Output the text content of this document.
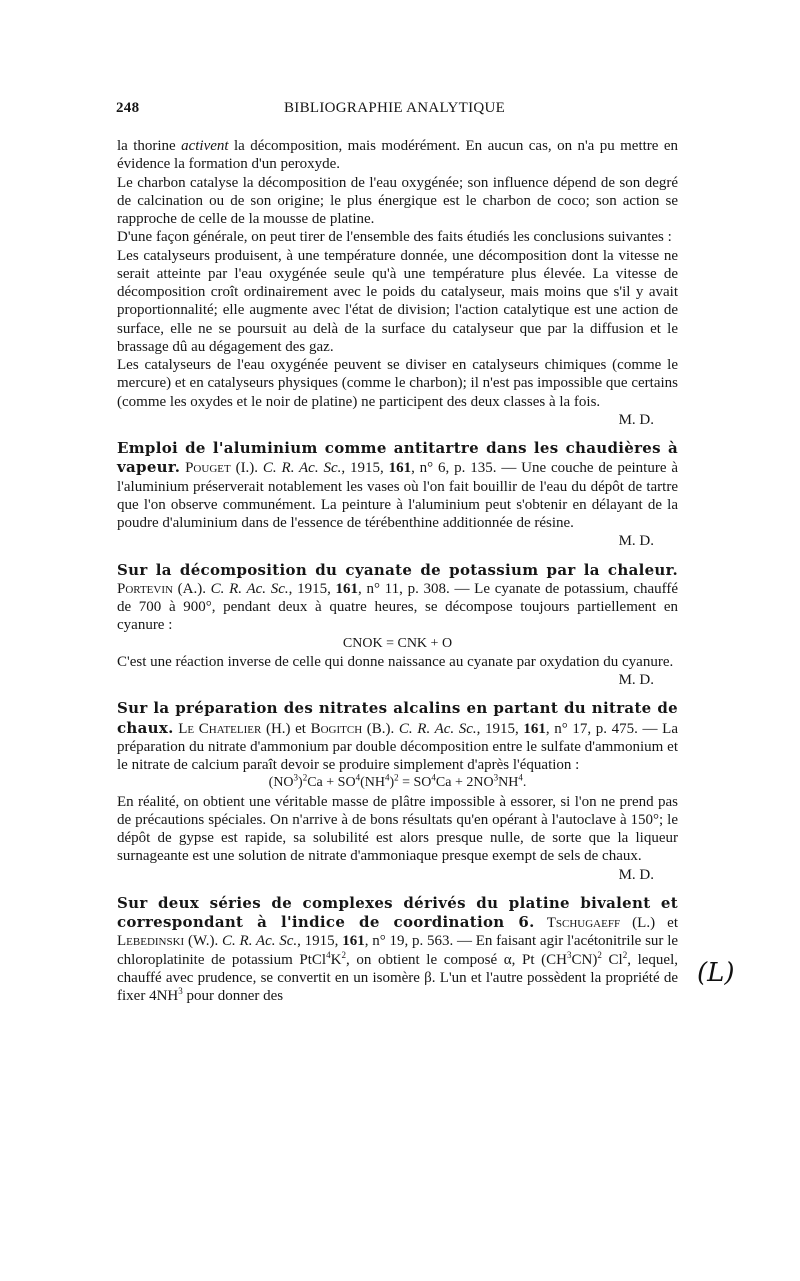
248	BIBLIOGRAPHIE ANALYTIQUE

la thorine activent la décomposition, mais modérément. En aucun cas, on n'a pu mettre en évidence la formation d'un peroxyde.

Le charbon catalyse la décomposition de l'eau oxygénée; son influence dépend de son degré de calcination ou de son origine; le plus énergique est le charbon de coco; son action se rapproche de celle de la mousse de platine.

D'une façon générale, on peut tirer de l'ensemble des faits étudiés les conclusions suivantes :

Les catalyseurs produisent, à une température donnée, une décomposition dont la vitesse ne serait atteinte par l'eau oxygénée seule qu'à une température plus élevée. La vitesse de décomposition croît ordinairement avec le poids du catalyseur, mais moins que s'il y avait proportionnalité; elle augmente avec l'état de division; l'action catalytique est une action de surface, elle ne se poursuit au delà de la surface du catalyseur que par la diffusion et le brassage dû au dégagement des gaz.

Les catalyseurs de l'eau oxygénée peuvent se diviser en catalyseurs chimiques (comme le mercure) et en catalyseurs physiques (comme le charbon); il n'est pas impossible que certains (comme les oxydes et le noir de platine) ne participent des deux classes à la fois.

M. D.

Emploi de l'aluminium comme antitartre dans les chaudières à vapeur. Pouget (I.). C. R. Ac. Sc., 1915, 161, n° 6, p. 135. — Une couche de peinture à l'aluminium préserverait notablement les vases où l'on fait bouillir de l'eau du dépôt de tartre que l'on observe communément. La peinture à l'aluminium peut s'obtenir en délayant de la poudre d'aluminium dans de l'essence de térébenthine additionnée de résine.

M. D.

Sur la décomposition du cyanate de potassium par la chaleur. Portevin (A.). C. R. Ac. Sc., 1915, 161, n° 11, p. 308. — Le cyanate de potassium, chauffé de 700 à 900°, pendant deux à quatre heures, se décompose toujours partiellement en cyanure :

CNOK = CNK + O

C'est une réaction inverse de celle qui donne naissance au cyanate par oxydation du cyanure.

M. D.

Sur la préparation des nitrates alcalins en partant du nitrate de chaux. Le Chatelier (H.) et Bogitch (B.). C. R. Ac. Sc., 1915, 161, n° 17, p. 475. — La préparation du nitrate d'ammonium par double décomposition entre le sulfate d'ammonium et le nitrate de calcium paraît devoir se produire simplement d'après l'équation :

$(NO^3)^2Ca + SO^4(NH^4)^2 = SO^4Ca + 2NO^3NH^4$.

En réalité, on obtient une véritable masse de plâtre impossible à essorer, si l'on ne prend pas de précautions spéciales. On n'arrive à de bons résultats qu'en opérant à l'autoclave à 150°; le dépôt de gypse est rapide, sa solubilité est alors presque nulle, de sorte que la liqueur surnageante est une solution de nitrate d'ammoniaque presque exempt de sels de chaux.

M. D.

Sur deux séries de complexes dérivés du platine bivalent et correspondant à l'indice de coordination 6. Tschugaeff (L.) et Lebedinski (W.). C. R. Ac. Sc., 1915, 161, n° 19, p. 563. — En faisant agir l'acétonitrile sur le chloroplatinite de potassium $PtCl^4K^2$, on obtient le composé α, Pt $(CH^3CN)^2$ Cl$^2$, lequel, chauffé avec prudence, se convertit en un isomère β. L'un et l'autre possèdent la propriété de fixer $4NH^3$ pour donner des

(L)
